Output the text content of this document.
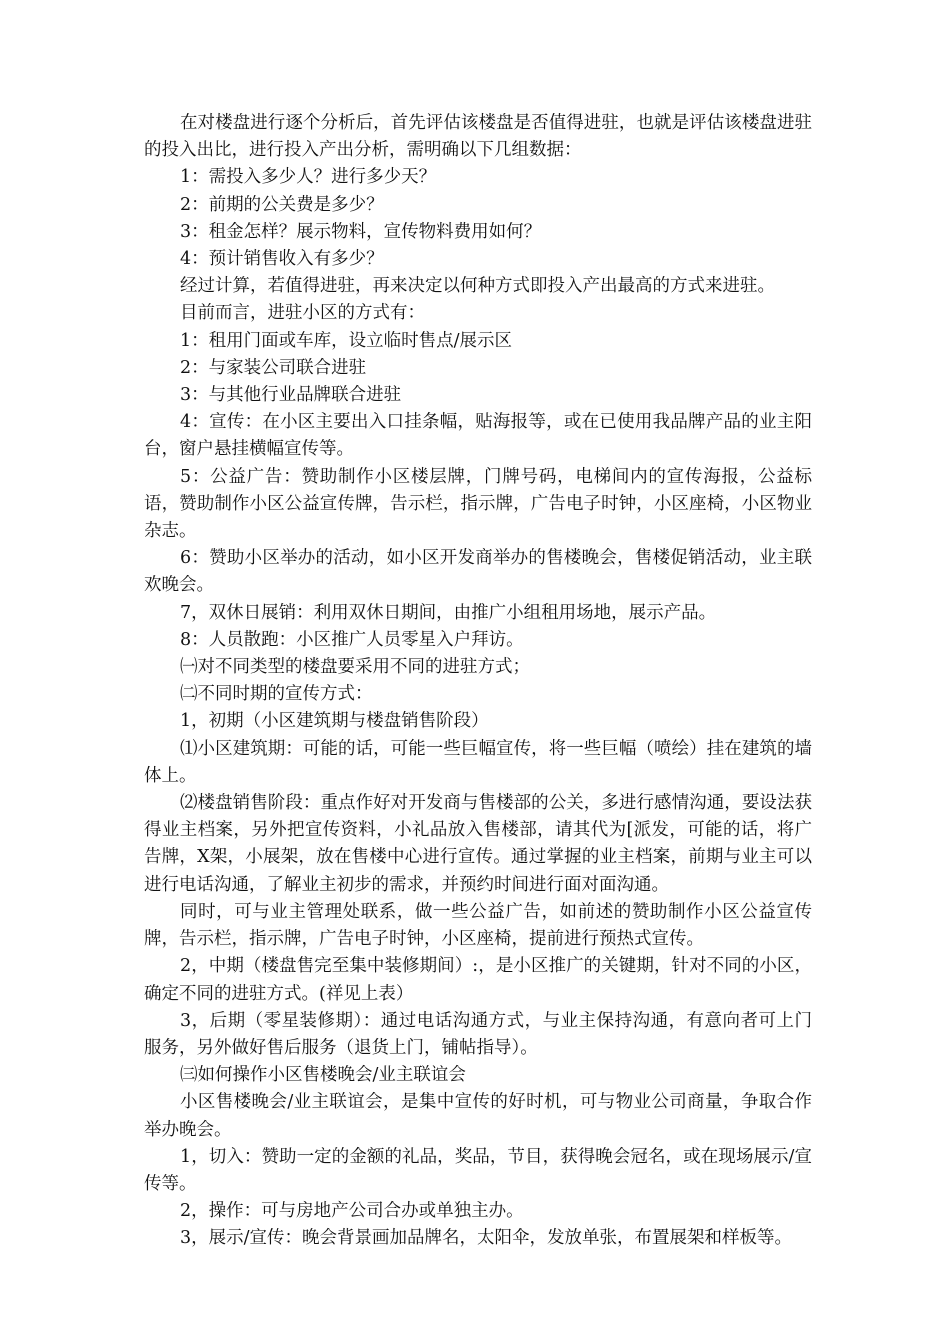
在对楼盘进行逐个分析后，首先评估该楼盘是否值得进驻，也就是评估该楼盘进驻的投入出比，进行投入产出分析，需明确以下几组数据：

1：需投入多少人？进行多少天？

2：前期的公关费是多少？

3：租金怎样？展示物料，宣传物料费用如何？

4：预计销售收入有多少？

经过计算，若值得进驻，再来决定以何种方式即投入产出最高的方式来进驻。

目前而言，进驻小区的方式有：

1：租用门面或车库，设立临时售点/展示区

2：与家装公司联合进驻

3：与其他行业品牌联合进驻

4：宣传：在小区主要出入口挂条幅，贴海报等，或在已使用我品牌产品的业主阳台，窗户悬挂横幅宣传等。

5：公益广告：赞助制作小区楼层牌，门牌号码，电梯间内的宣传海报，公益标语，赞助制作小区公益宣传牌，告示栏，指示牌，广告电子时钟，小区座椅，小区物业杂志。

6：赞助小区举办的活动，如小区开发商举办的售楼晚会，售楼促销活动，业主联欢晚会。

7，双休日展销：利用双休日期间，由推广小组租用场地，展示产品。

8：人员散跑：小区推广人员零星入户拜访。

㈠对不同类型的楼盘要采用不同的进驻方式；

㈡不同时期的宣传方式：

1，初期（小区建筑期与楼盘销售阶段）

⑴小区建筑期：可能的话，可能一些巨幅宣传，将一些巨幅（喷绘）挂在建筑的墙体上。

⑵楼盘销售阶段：重点作好对开发商与售楼部的公关，多进行感情沟通，要设法获得业主档案，另外把宣传资料，小礼品放入售楼部，请其代为[派发，可能的话，将广告牌，X架，小展架，放在售楼中心进行宣传。通过掌握的业主档案，前期与业主可以进行电话沟通，了解业主初步的需求，并预约时间进行面对面沟通。

同时，可与业主管理处联系，做一些公益广告，如前述的赞助制作小区公益宣传牌，告示栏，指示牌，广告电子时钟，小区座椅，提前进行预热式宣传。

2，中期（楼盘售完至集中装修期间）:，是小区推广的关键期，针对不同的小区，确定不同的进驻方式。(祥见上表）

3，后期（零星装修期）：通过电话沟通方式，与业主保持沟通，有意向者可上门服务，另外做好售后服务（退货上门，铺帖指导）。

㈢如何操作小区售楼晚会/业主联谊会

小区售楼晚会/业主联谊会，是集中宣传的好时机，可与物业公司商量，争取合作举办晚会。

1，切入：赞助一定的金额的礼品，奖品，节目，获得晚会冠名，或在现场展示/宣传等。

2，操作：可与房地产公司合办或单独主办。

3，展示/宣传：晚会背景画加品牌名，太阳伞，发放单张，布置展架和样板等。
